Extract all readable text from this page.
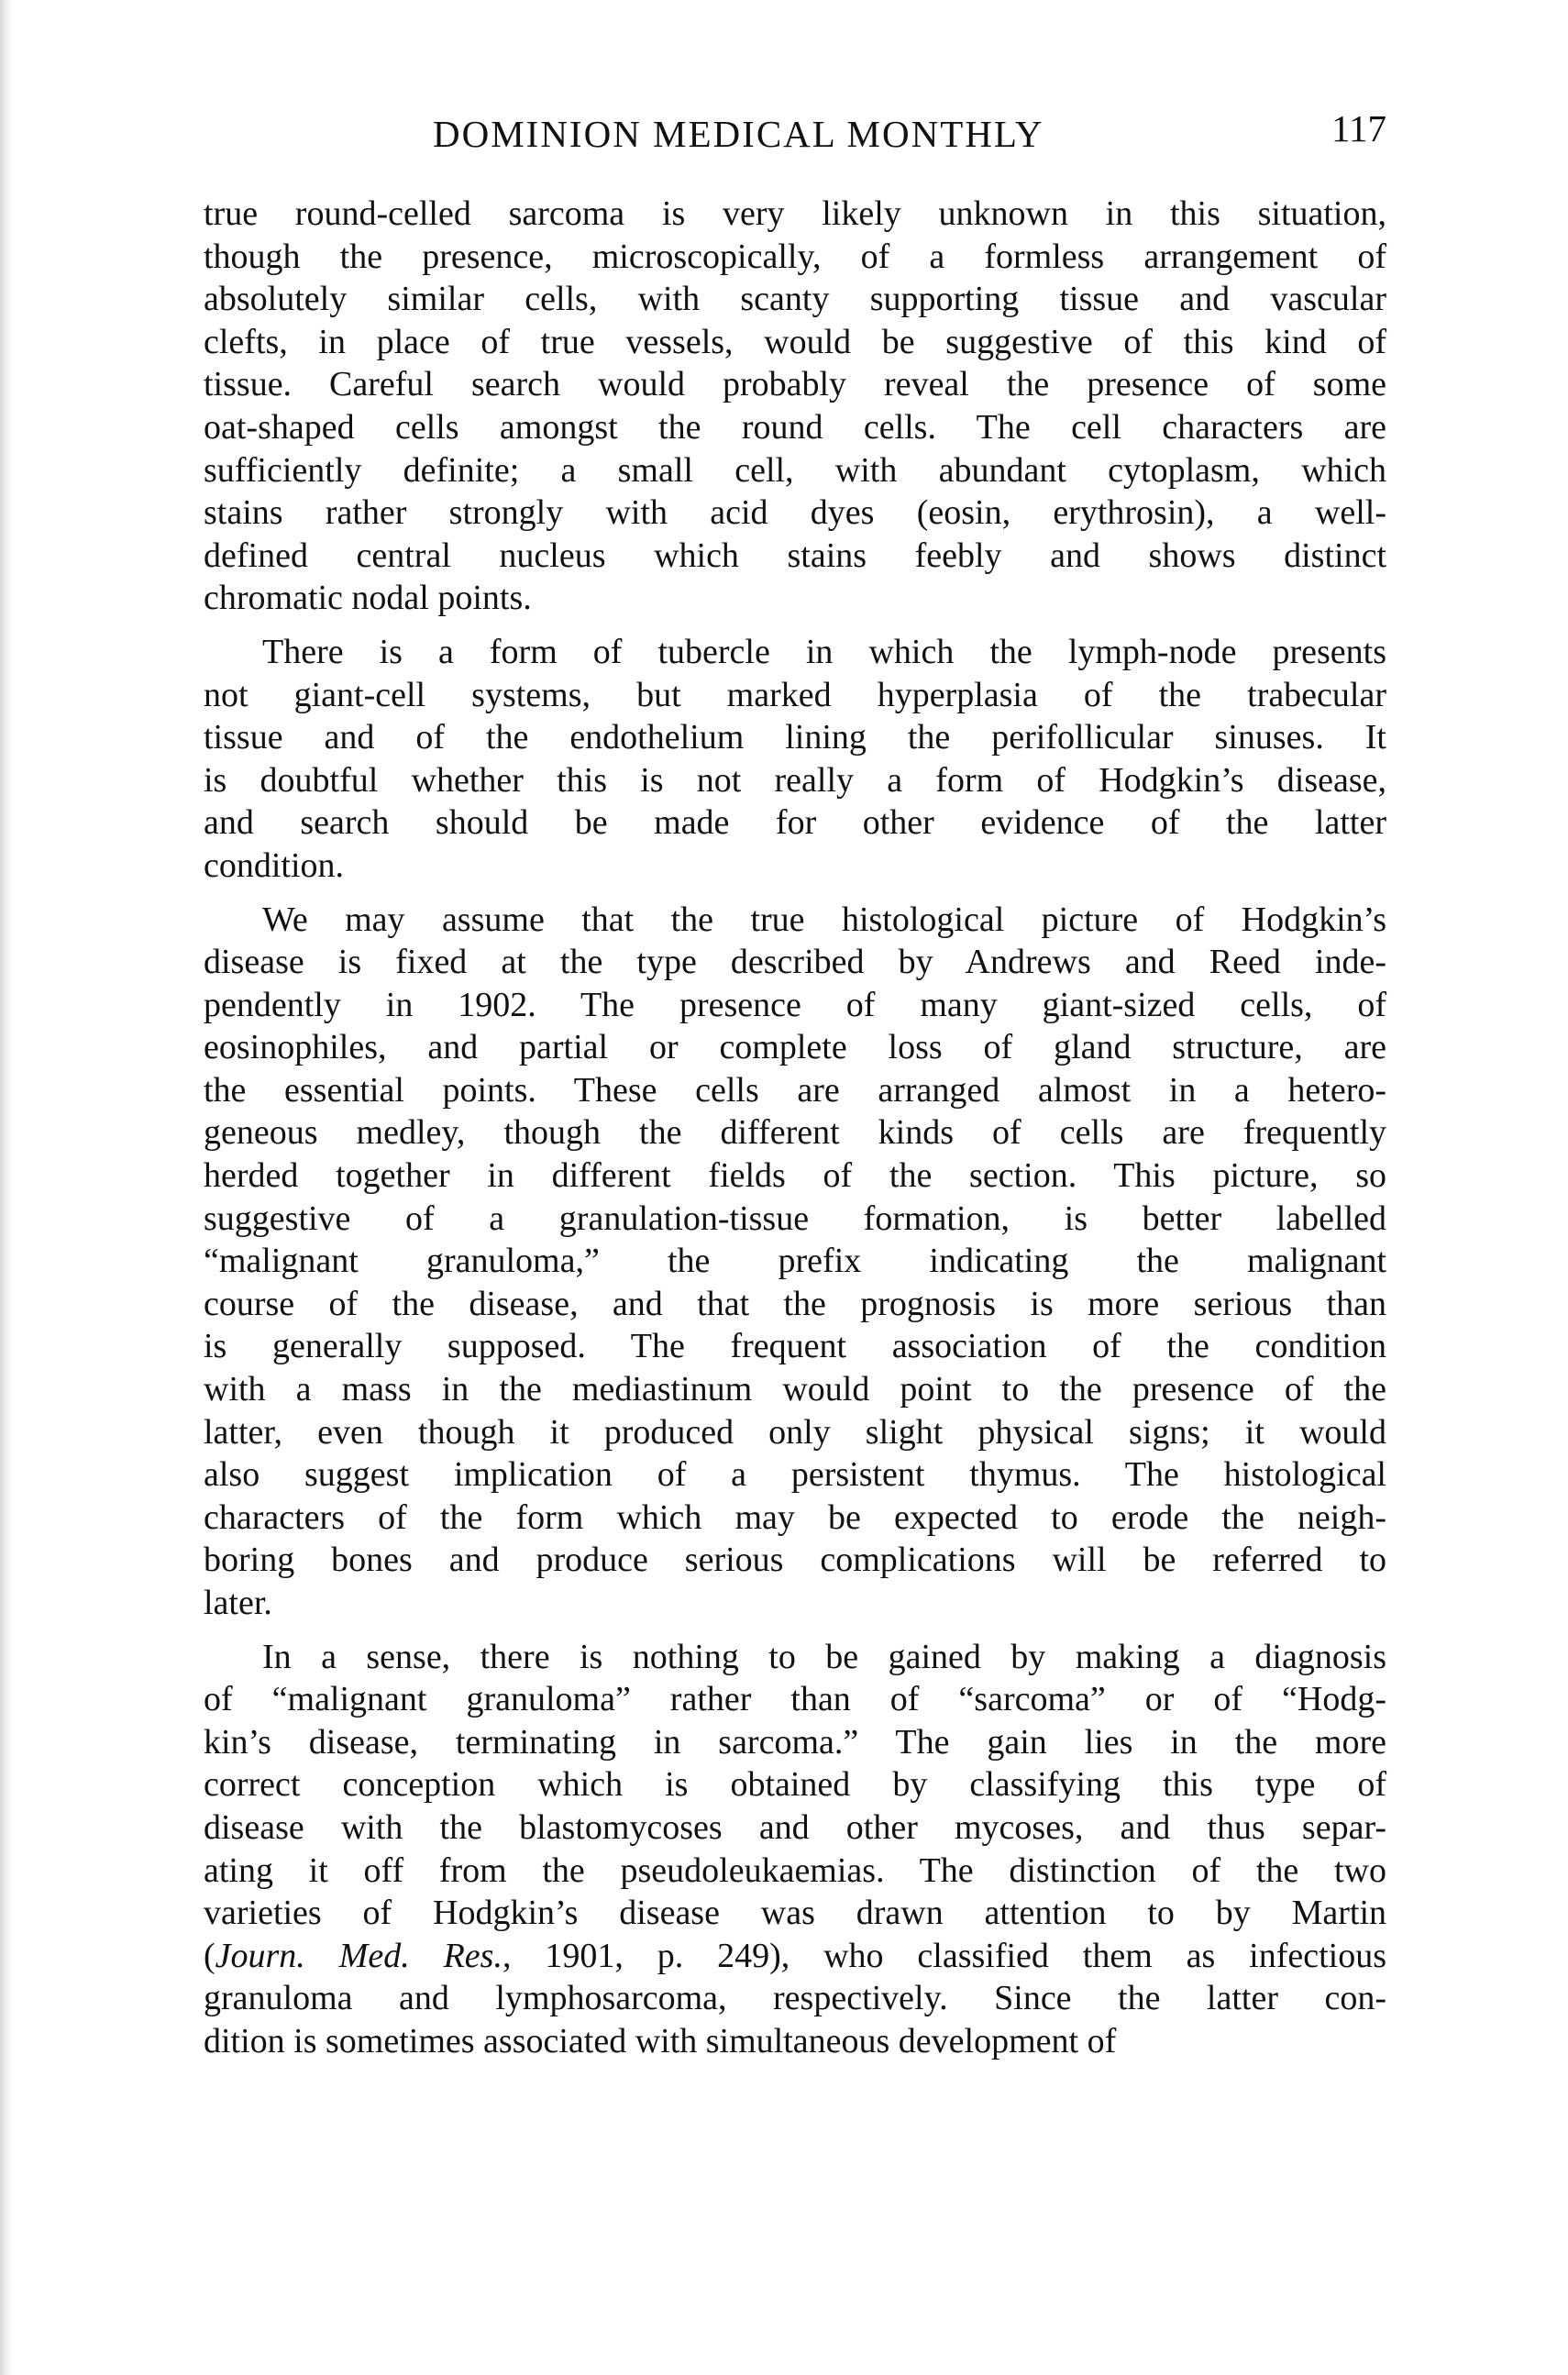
DOMINION MEDICAL MONTHLY	117
true round-celled sarcoma is very likely unknown in this situation,
though the presence, microscopically, of a formless arrangement of
absolutely similar cells, with scanty supporting tissue and vascular
clefts, in place of true vessels, would be suggestive of this kind of
tissue. Careful search would probably reveal the presence of some
oat-shaped cells amongst the round cells. The cell characters are
sufficiently definite; a small cell, with abundant cytoplasm, which
stains rather strongly with acid dyes (eosin, erythrosin), a well-
defined central nucleus which stains feebly and shows distinct
chromatic nodal points.
There is a form of tubercle in which the lymph-node presents
not giant-cell systems, but marked hyperplasia of the trabecular
tissue and of the endothelium lining the perifollicular sinuses. It
is doubtful whether this is not really a form of Hodgkin’s disease,
and search should be made for other evidence of the latter
condition.
We may assume that the true histological picture of Hodgkin’s
disease is fixed at the type described by Andrews and Reed inde-
pendently in 1902. The presence of many giant-sized cells, of
eosinophiles, and partial or complete loss of gland structure, are
the essential points. These cells are arranged almost in a hetero-
geneous medley, though the different kinds of cells are frequently
herded together in different fields of the section. This picture, so
suggestive of a granulation-tissue formation, is better labelled
“malignant granuloma,” the prefix indicating the malignant
course of the disease, and that the prognosis is more serious than
is generally supposed. The frequent association of the condition
with a mass in the mediastinum would point to the presence of the
latter, even though it produced only slight physical signs; it would
also suggest implication of a persistent thymus. The histological
characters of the form which may be expected to erode the neigh-
boring bones and produce serious complications will be referred to
later.
In a sense, there is nothing to be gained by making a diagnosis
of “malignant granuloma” rather than of “sarcoma” or of “Hodg-
kin’s disease, terminating in sarcoma.” The gain lies in the more
correct conception which is obtained by classifying this type of
disease with the blastomycoses and other mycoses, and thus separ-
ating it off from the pseudoleukaemias. The distinction of the two
varieties of Hodgkin’s disease was drawn attention to by Martin
(Journ. Med. Res., 1901, p. 249), who classified them as infectious
granuloma and lymphosarcoma, respectively. Since the latter con-
dition is sometimes associated with simultaneous development of
